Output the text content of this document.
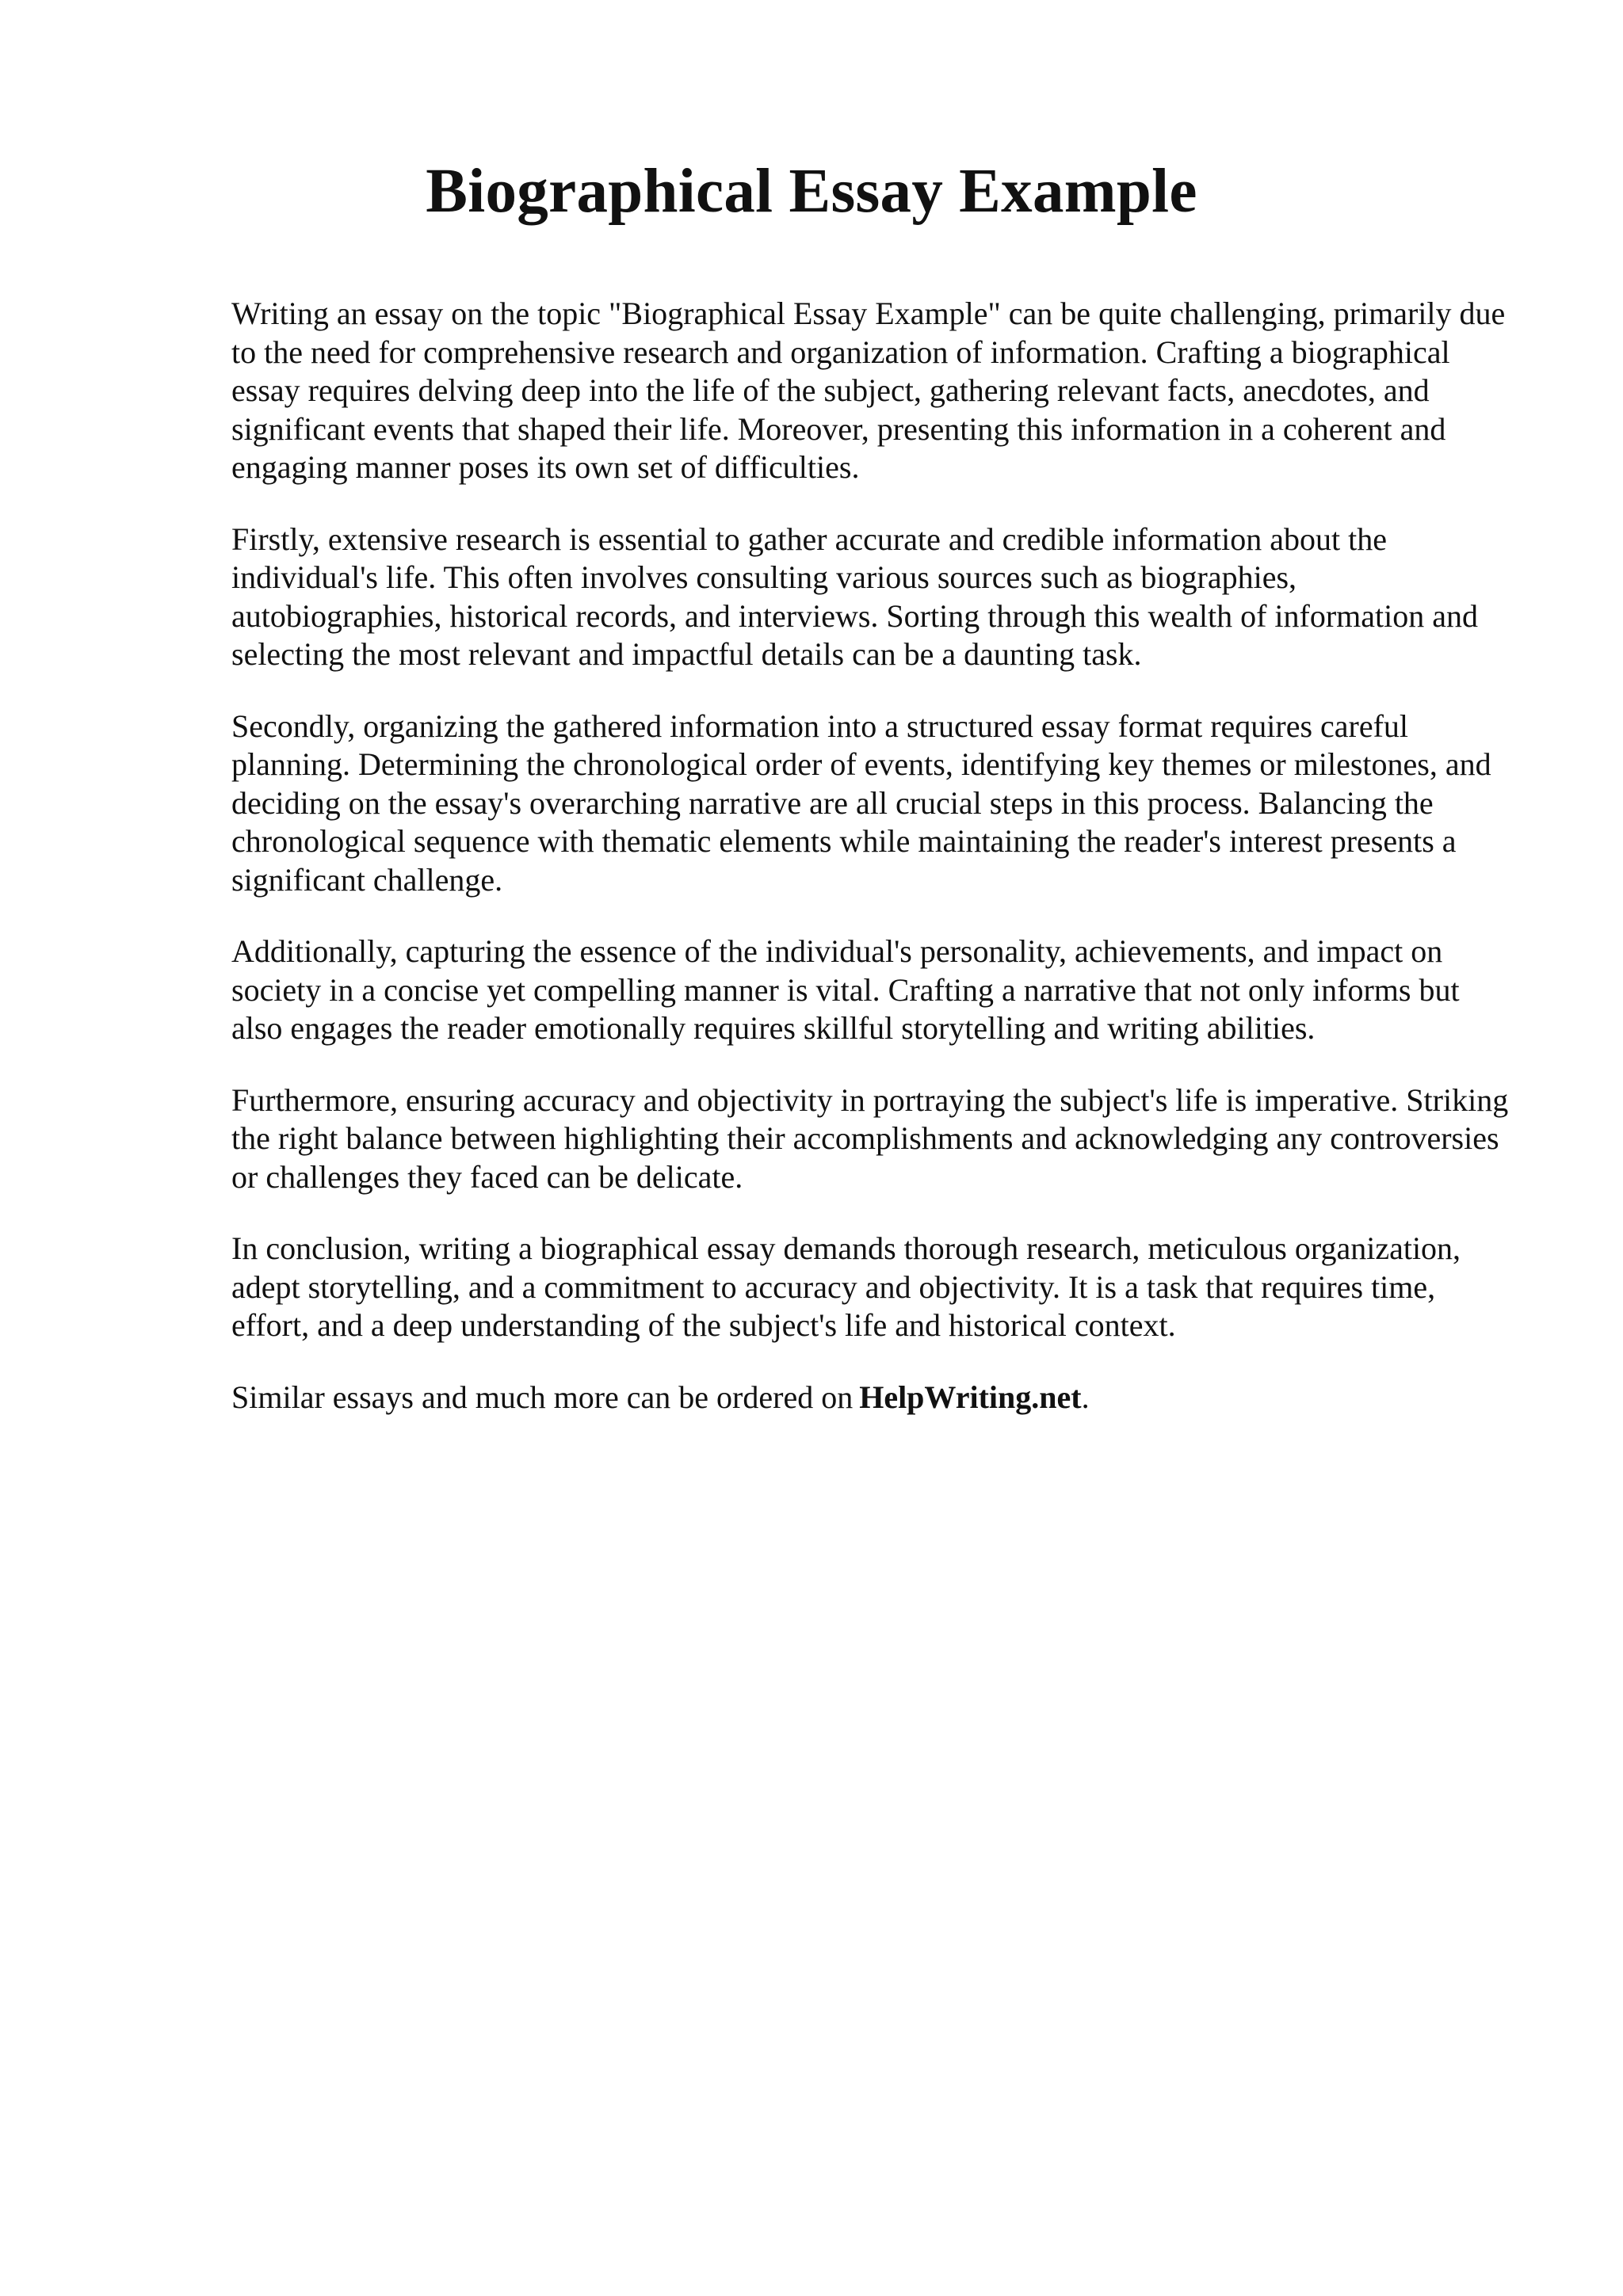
Biographical Essay Example

Writing an essay on the topic "Biographical Essay Example" can be quite challenging, primarily due to the need for comprehensive research and organization of information. Crafting a biographical essay requires delving deep into the life of the subject, gathering relevant facts, anecdotes, and significant events that shaped their life. Moreover, presenting this information in a coherent and engaging manner poses its own set of difficulties.

Firstly, extensive research is essential to gather accurate and credible information about the individual's life. This often involves consulting various sources such as biographies, autobiographies, historical records, and interviews. Sorting through this wealth of information and selecting the most relevant and impactful details can be a daunting task.

Secondly, organizing the gathered information into a structured essay format requires careful planning. Determining the chronological order of events, identifying key themes or milestones, and deciding on the essay's overarching narrative are all crucial steps in this process. Balancing the chronological sequence with thematic elements while maintaining the reader's interest presents a significant challenge.

Additionally, capturing the essence of the individual's personality, achievements, and impact on society in a concise yet compelling manner is vital. Crafting a narrative that not only informs but also engages the reader emotionally requires skillful storytelling and writing abilities.

Furthermore, ensuring accuracy and objectivity in portraying the subject's life is imperative. Striking the right balance between highlighting their accomplishments and acknowledging any controversies or challenges they faced can be delicate.

In conclusion, writing a biographical essay demands thorough research, meticulous organization, adept storytelling, and a commitment to accuracy and objectivity. It is a task that requires time, effort, and a deep understanding of the subject's life and historical context.

Similar essays and much more can be ordered on HelpWriting.net.
